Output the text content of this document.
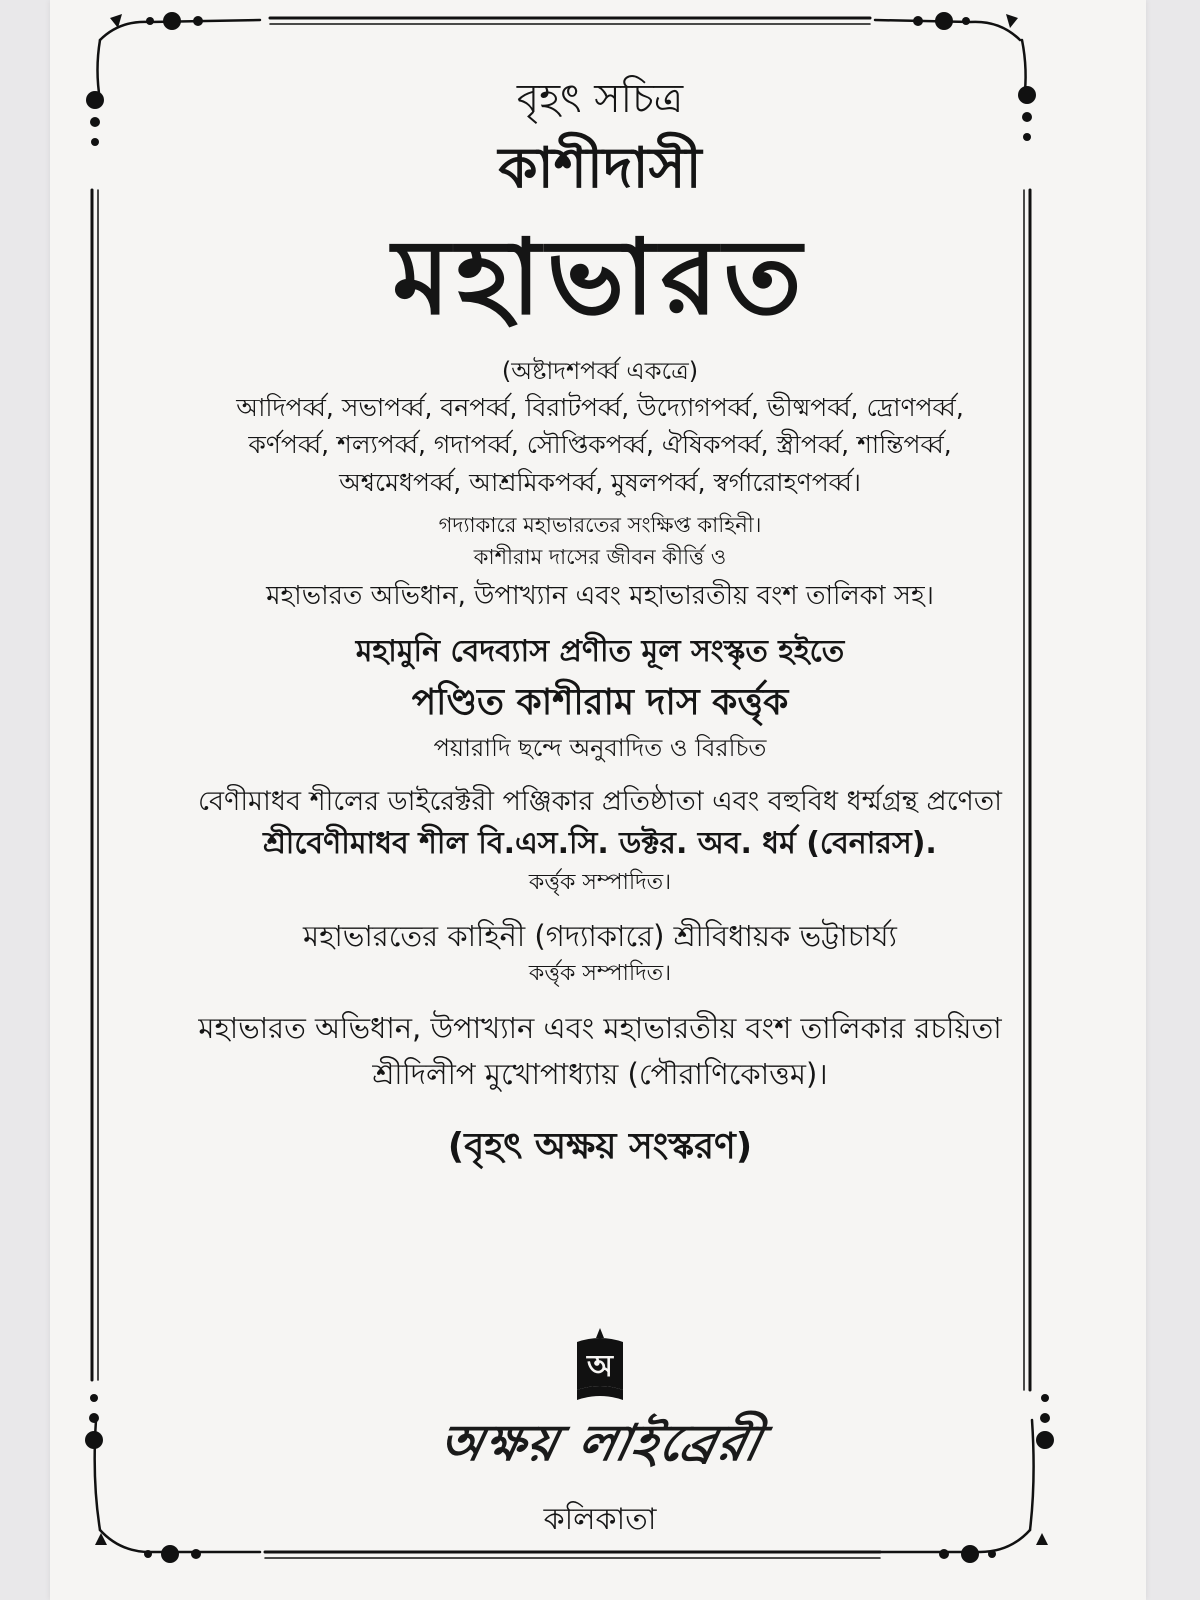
বৃহৎ সচিত্র
কাশীদাসী
মহাভারত
(অষ্টাদশপর্ব্ব একত্রে)
আদিপর্ব্ব, সভাপর্ব্ব, বনপর্ব্ব, বিরাটপর্ব্ব, উদ্যোগপর্ব্ব, ভীষ্মপর্ব্ব, দ্রোণপর্ব্ব,
কর্ণপর্ব্ব, শল্যপর্ব্ব, গদাপর্ব্ব, সৌপ্তিকপর্ব্ব, ঐষিকপর্ব্ব, স্ত্রীপর্ব্ব, শান্তিপর্ব্ব,
অশ্বমেধপর্ব্ব, আশ্রমিকপর্ব্ব, মুষলপর্ব্ব, স্বর্গারোহণপর্ব্ব।
গদ্যাকারে মহাভারতের সংক্ষিপ্ত কাহিনী।
কাশীরাম দাসের জীবন কীর্ত্তি ও
মহাভারত অভিধান, উপাখ্যান এবং মহাভারতীয় বংশ তালিকা সহ।
মহামুনি বেদব্যাস প্রণীত মূল সংস্কৃত হইতে
পণ্ডিত কাশীরাম দাস কর্ত্তৃক
পয়ারাদি ছন্দে অনুবাদিত ও বিরচিত
বেণীমাধব শীলের ডাইরেক্টরী পঞ্জিকার প্রতিষ্ঠাতা এবং বহুবিধ ধর্ম্মগ্রন্থ প্রণেতা
শ্রীবেণীমাধব শীল বি.এস.সি. ডক্টর. অব. ধর্ম (বেনারস).
কর্ত্তৃক সম্পাদিত।
মহাভারতের কাহিনী (গদ্যাকারে) শ্রীবিধায়ক ভট্টাচার্য্য
কর্ত্তৃক সম্পাদিত।
মহাভারত অভিধান, উপাখ্যান এবং মহাভারতীয় বংশ তালিকার রচয়িতা
শ্রীদিলীপ মুখোপাধ্যায় (পৌরাণিকোত্তম)।
(বৃহৎ অক্ষয় সংস্করণ)
অ
অক্ষয় লাইব্রেরী
কলিকাতা
